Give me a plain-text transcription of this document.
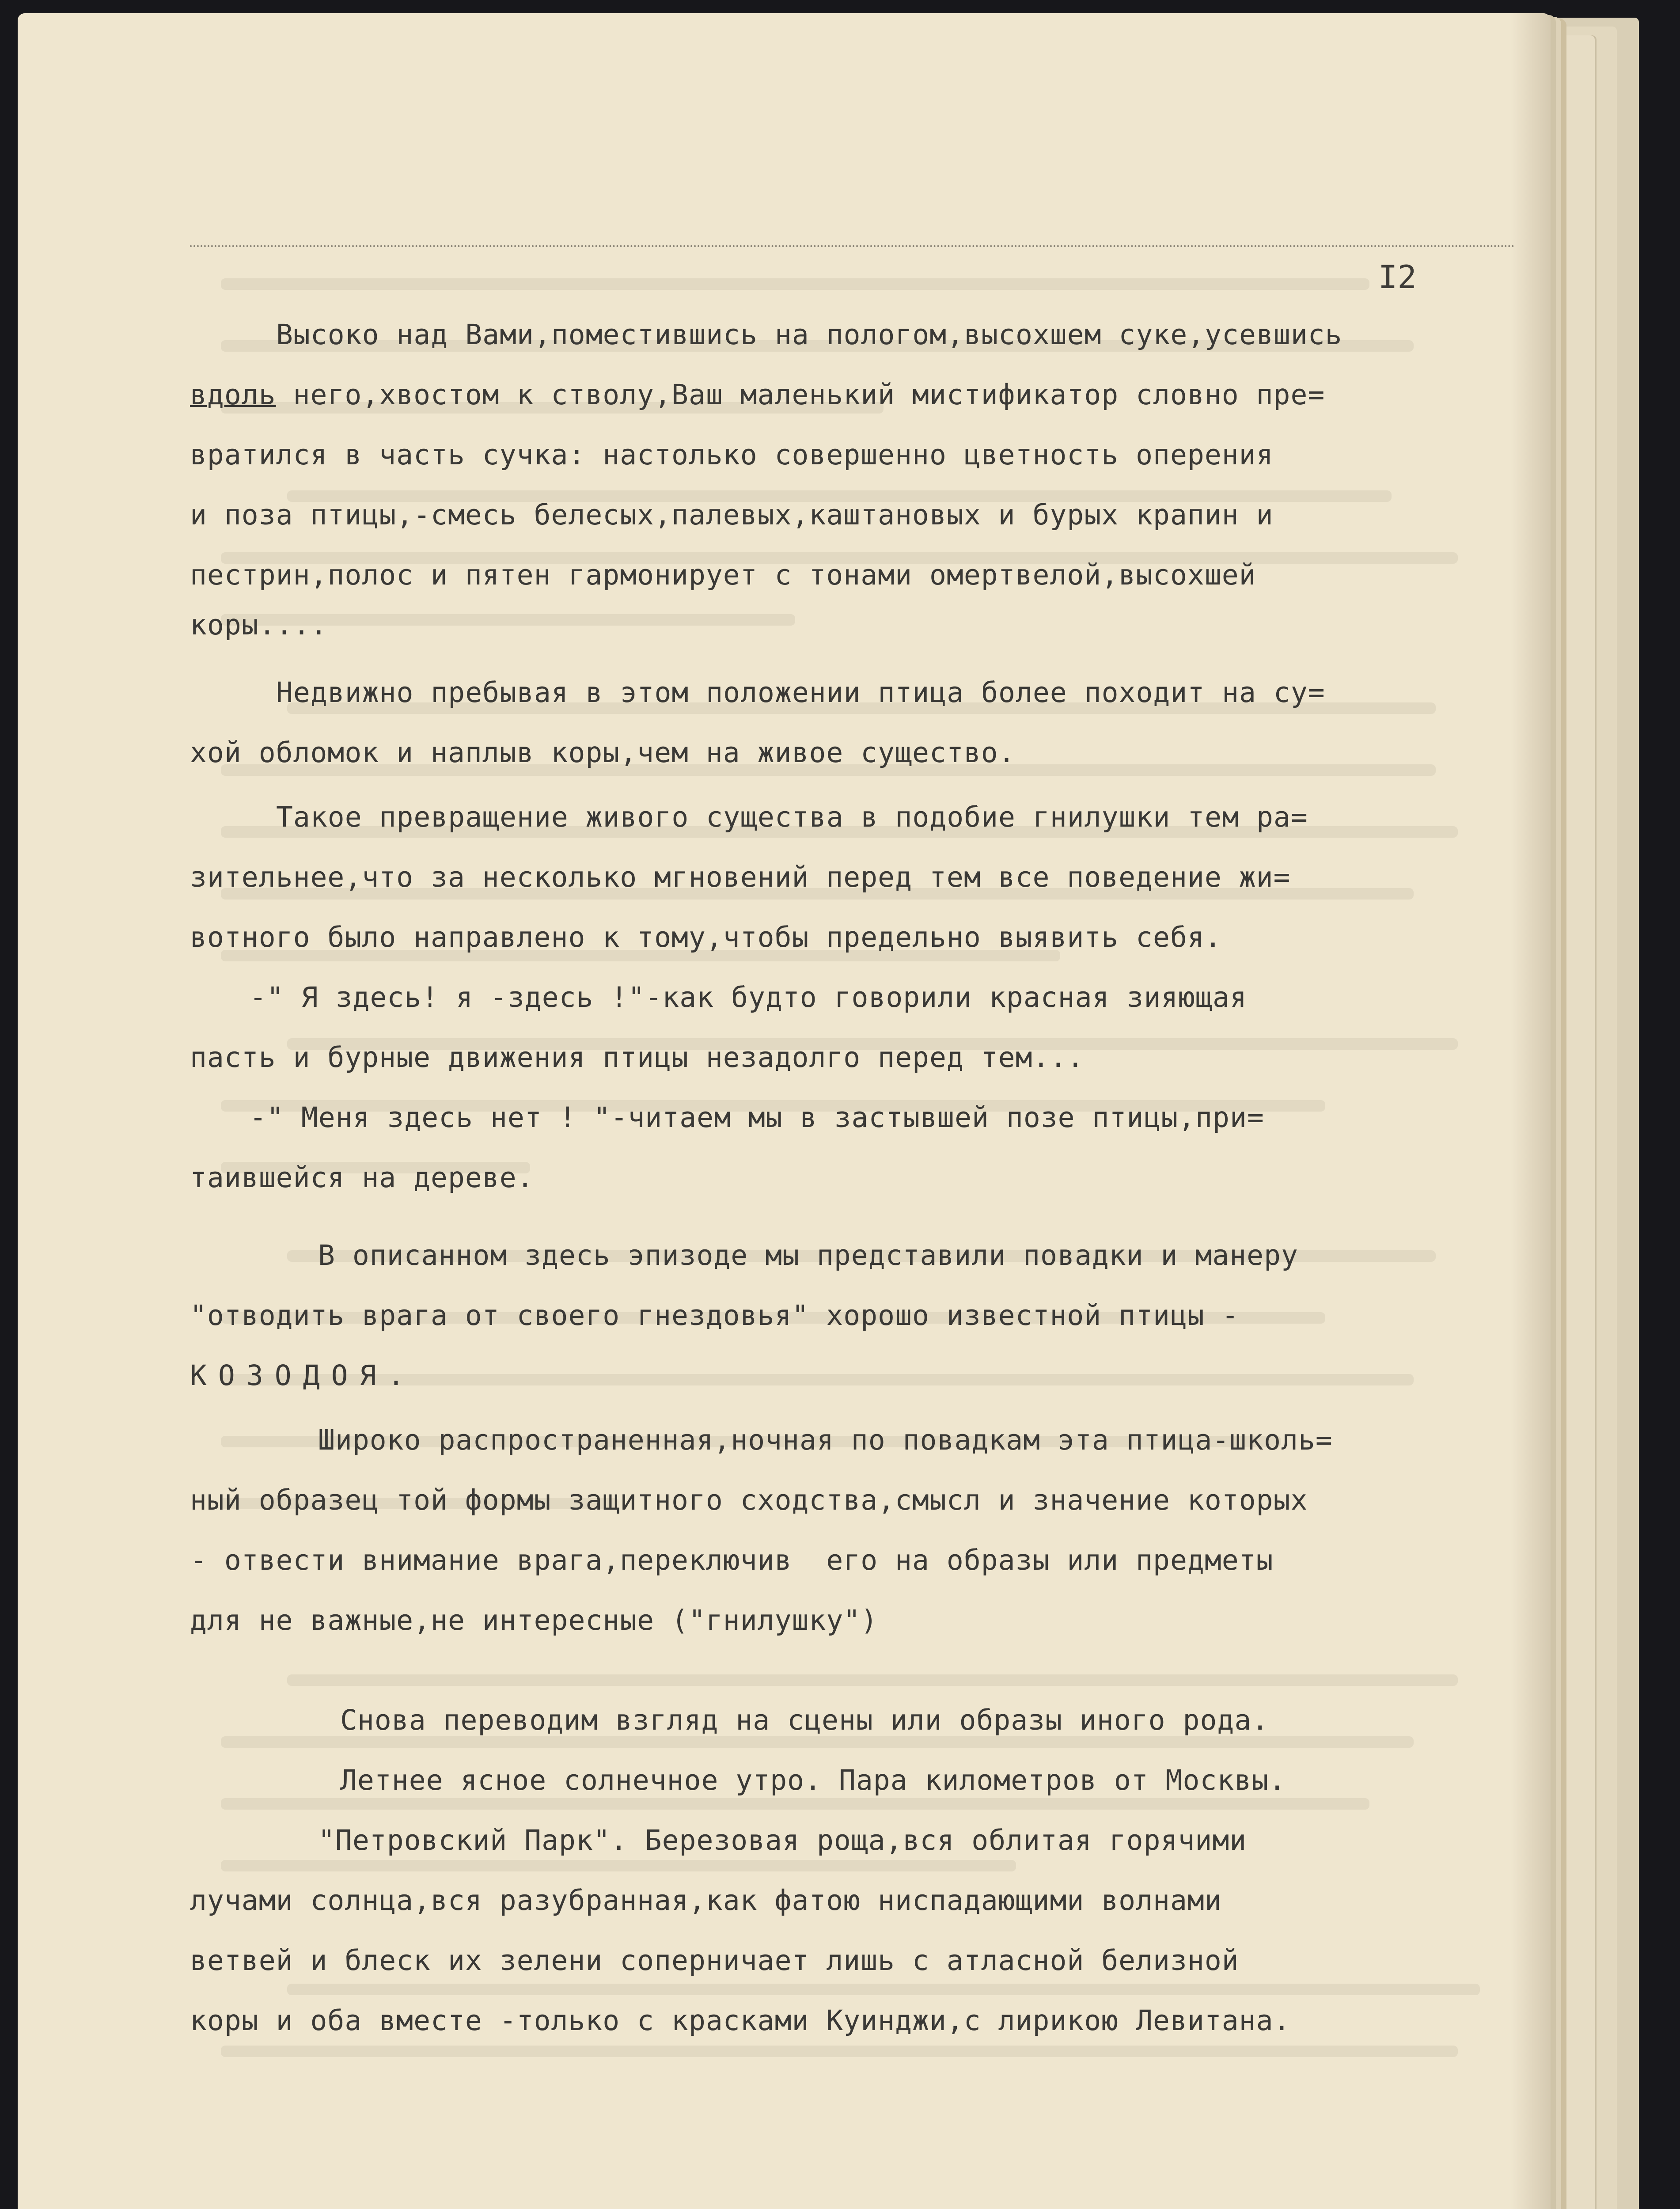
I2
Высоко над Вами,поместившись на пологом,высохшем суке,усевшись
вдоль него,хвостом к стволу,Ваш маленький мистификатор словно пре=
вратился в часть сучка: настолько совершенно цветность оперения
и поза птицы,-смесь белесых,палевых,каштановых и бурых крапин и
пестрин,полос и пятен гармонирует с тонами омертвелой,высохшей
коры....
Недвижно пребывая в этом положении птица более походит на су=
хой обломок и наплыв коры,чем на живое существо.
Такое превращение живого существа в подобие гнилушки тем ра=
зительнее,что за несколько мгновений перед тем все поведение жи=
вотного было направлено к тому,чтобы предельно выявить себя.
-" Я здесь! я -здесь !"-как будто говорили красная зияющая
пасть и бурные движения птицы незадолго перед тем...
-" Меня здесь нет ! "-читаем мы в застывшей позе птицы,при=
таившейся на дереве.
В описанном здесь эпизоде мы представили повадки и манеру
"отводить врага от своего гнездовья" хорошо известной птицы -
КОЗОДОЯ.
Широко распространенная,ночная по повадкам эта птица-школь=
ный образец той формы защитного сходства,смысл и значение которых
- отвести внимание врага,переключив  его на образы или предметы
для не важные,не интересные ("гнилушку")
Снова переводим взгляд на сцены или образы иного рода.
Летнее ясное солнечное утро. Пара километров от Москвы.
"Петровский Парк". Березовая роща,вся облитая горячими
лучами солнца,вся разубранная,как фатою ниспадающими волнами
ветвей и блеск их зелени соперничает лишь с атласной белизной
коры и оба вместе -только с красками Куинджи,с лирикою Левитана.
